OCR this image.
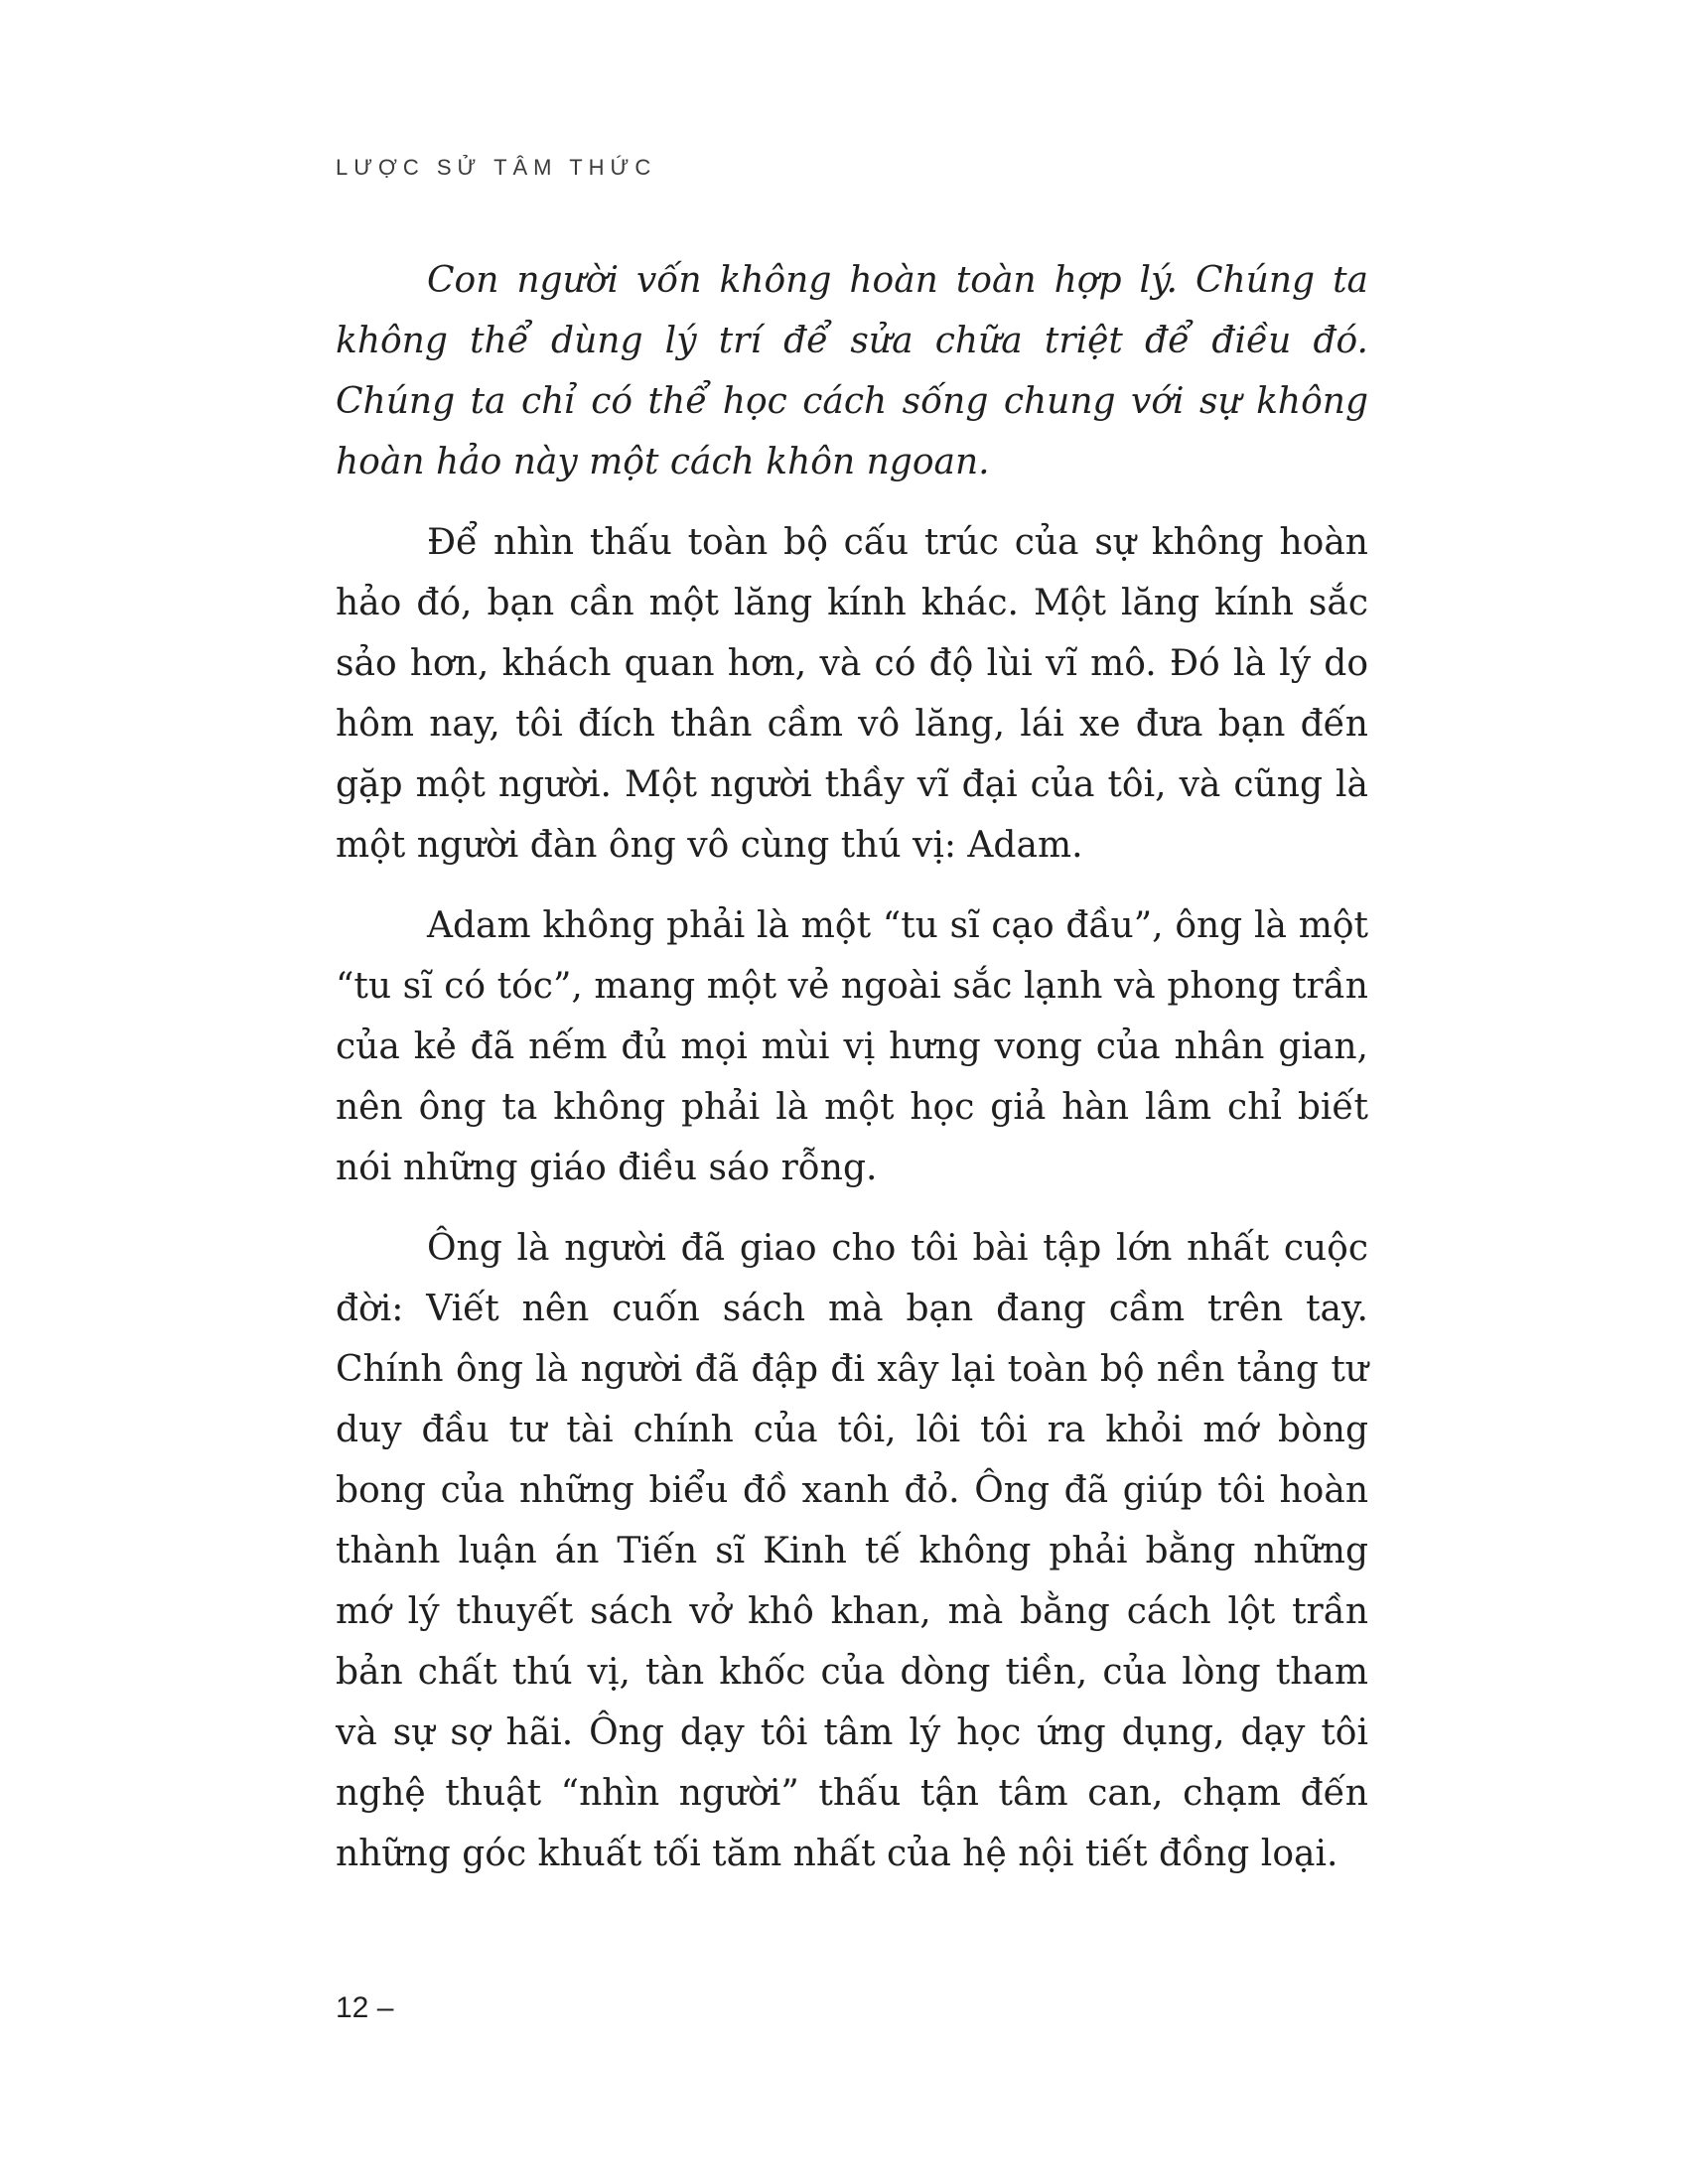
LƯỢC SỬ TÂM THỨC

Con người vốn không hoàn toàn hợp lý. Chúng ta không thể dùng lý trí để sửa chữa triệt để điều đó. Chúng ta chỉ có thể học cách sống chung với sự không hoàn hảo này một cách khôn ngoan.

Để nhìn thấu toàn bộ cấu trúc của sự không hoàn hảo đó, bạn cần một lăng kính khác. Một lăng kính sắc sảo hơn, khách quan hơn, và có độ lùi vĩ mô. Đó là lý do hôm nay, tôi đích thân cầm vô lăng, lái xe đưa bạn đến gặp một người. Một người thầy vĩ đại của tôi, và cũng là một người đàn ông vô cùng thú vị: Adam.

Adam không phải là một “tu sĩ cạo đầu”, ông là một “tu sĩ có tóc”, mang một vẻ ngoài sắc lạnh và phong trần của kẻ đã nếm đủ mọi mùi vị hưng vong của nhân gian, nên ông ta không phải là một học giả hàn lâm chỉ biết nói những giáo điều sáo rỗng.

Ông là người đã giao cho tôi bài tập lớn nhất cuộc đời: Viết nên cuốn sách mà bạn đang cầm trên tay. Chính ông là người đã đập đi xây lại toàn bộ nền tảng tư duy đầu tư tài chính của tôi, lôi tôi ra khỏi mớ bòng bong của những biểu đồ xanh đỏ. Ông đã giúp tôi hoàn thành luận án Tiến sĩ Kinh tế không phải bằng những mớ lý thuyết sách vở khô khan, mà bằng cách lột trần bản chất thú vị, tàn khốc của dòng tiền, của lòng tham và sự sợ hãi. Ông dạy tôi tâm lý học ứng dụng, dạy tôi nghệ thuật “nhìn người” thấu tận tâm can, chạm đến những góc khuất tối tăm nhất của hệ nội tiết đồng loại.

12 –
